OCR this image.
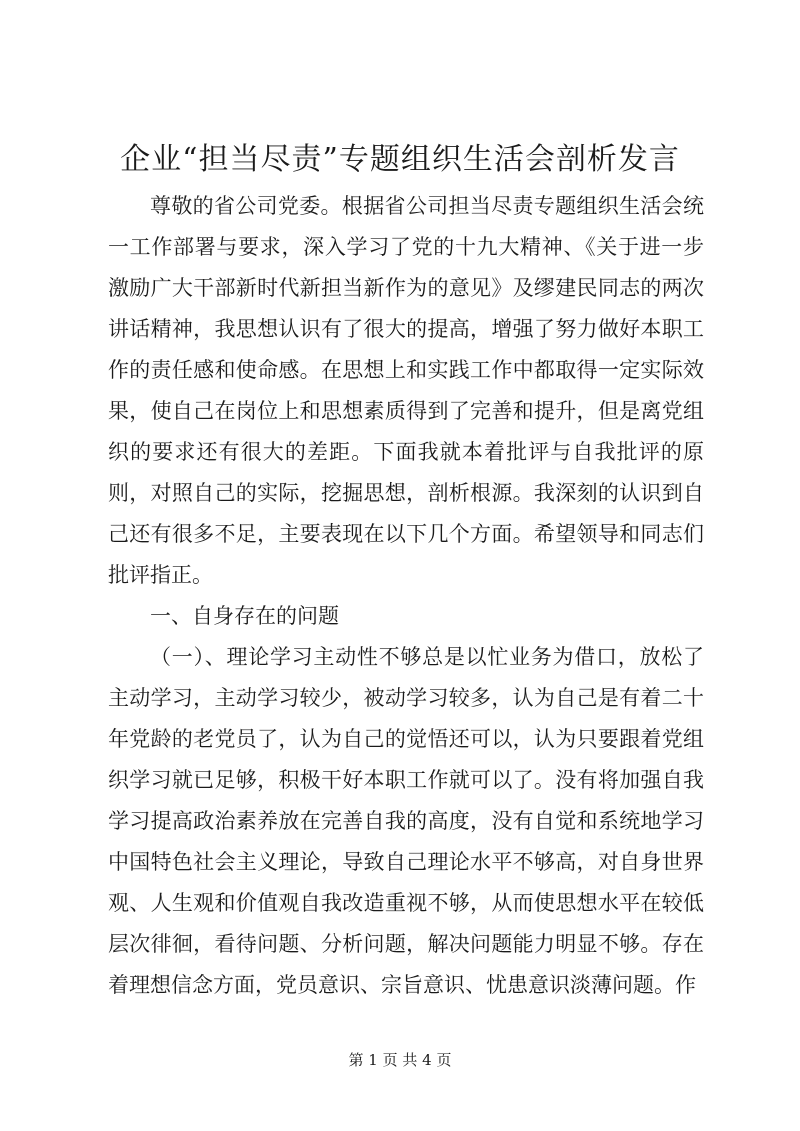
企业“担当尽责”专题组织生活会剖析发言

尊敬的省公司党委。根据省公司担当尽责专题组织生活会统一工作部署与要求，深入学习了党的十九大精神、《关于进一步激励广大干部新时代新担当新作为的意见》及缪建民同志的两次讲话精神，我思想认识有了很大的提高，增强了努力做好本职工作的责任感和使命感。在思想上和实践工作中都取得一定实际效果，使自己在岗位上和思想素质得到了完善和提升，但是离党组织的要求还有很大的差距。下面我就本着批评与自我批评的原则，对照自己的实际，挖掘思想，剖析根源。我深刻的认识到自己还有很多不足，主要表现在以下几个方面。希望领导和同志们批评指正。

一、自身存在的问题

（一）、理论学习主动性不够总是以忙业务为借口，放松了主动学习，主动学习较少，被动学习较多，认为自己是有着二十年党龄的老党员了，认为自己的觉悟还可以，认为只要跟着党组织学习就已足够，积极干好本职工作就可以了。没有将加强自我学习提高政治素养放在完善自我的高度，没有自觉和系统地学习中国特色社会主义理论，导致自己理论水平不够高，对自身世界观、人生观和价值观自我改造重视不够，从而使思想水平在较低层次徘徊，看待问题、分析问题，解决问题能力明显不够。存在着理想信念方面，党员意识、宗旨意识、忧患意识淡薄问题。作

第 1 页 共 4 页
